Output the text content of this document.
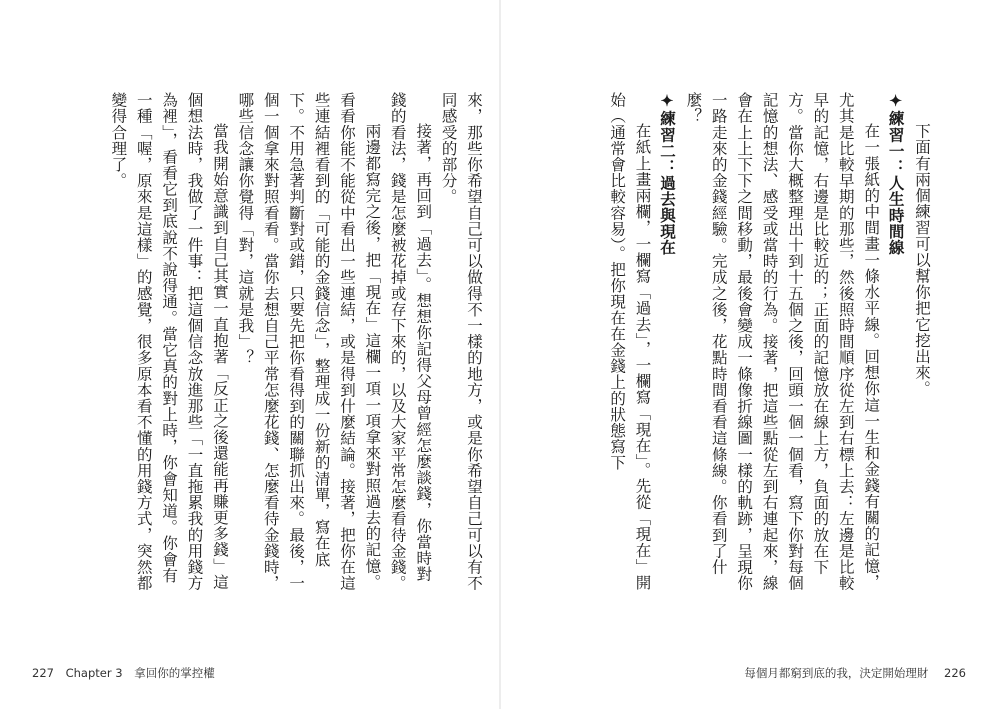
來，那些你希望自己可以做得不一樣的地方，或是你希望自己可以有不同感受的部分。

接著，再回到「過去」。想想你記得父母曾經怎麼談錢，你當時對錢的看法，錢是怎麼被花掉或存下來的，以及大家平常怎麼看待金錢。

兩邊都寫完之後，把「現在」這欄一項一項拿來對照過去的記憶。看看你能不能從中看出一些連結，或是得到什麼結論。接著，把你在這些連結裡看到的「可能的金錢信念」，整理成一份新的清單，寫在底下。不用急著判斷對或錯，只要先把你看得到的關聯抓出來。最後，一個一個拿來對照看看。當你去想自己平常怎麼花錢、怎麼看待金錢時，哪些信念讓你覺得「對，這就是我」？

當我開始意識到自己其實一直抱著「反正之後還能再賺更多錢」這個想法時，我做了一件事：把這個信念放進那些「一直拖累我的用錢方為裡」，看看它到底說不說得通。當它真的對上時，你會知道。你會有一種「喔，原來是這樣」的感覺，很多原本看不懂的用錢方式，突然都變得合理了。

227 Chapter 3 拿回你的掌控權

下面有兩個練習可以幫你把它挖出來。

✦練習一：人生時間線

在一張紙的中間畫一條水平線。回想你這一生和金錢有關的記憶，尤其是比較早期的那些，然後照時間順序從左到右標上去：左邊是比較早的記憶，右邊是比較近的；正面的記憶放在線上方，負面的放在下方。當你大概整理出十到十五個之後，回頭一個一個看，寫下你對每個記憶的想法、感受或當時的行為。接著，把這些點從左到右連起來，線會在上上下下之間移動，最後會變成一條像折線圖一樣的軌跡，呈現你一路走來的金錢經驗。完成之後，花點時間看看這條線。你看到了什麼？

✦練習二：過去與現在

在紙上畫兩欄，一欄寫「過去」，一欄寫「現在」。先從「現在」開始（通常會比較容易）。把你現在在金錢上的狀態寫下

每個月都窮到底的我，決定開始理財 226
